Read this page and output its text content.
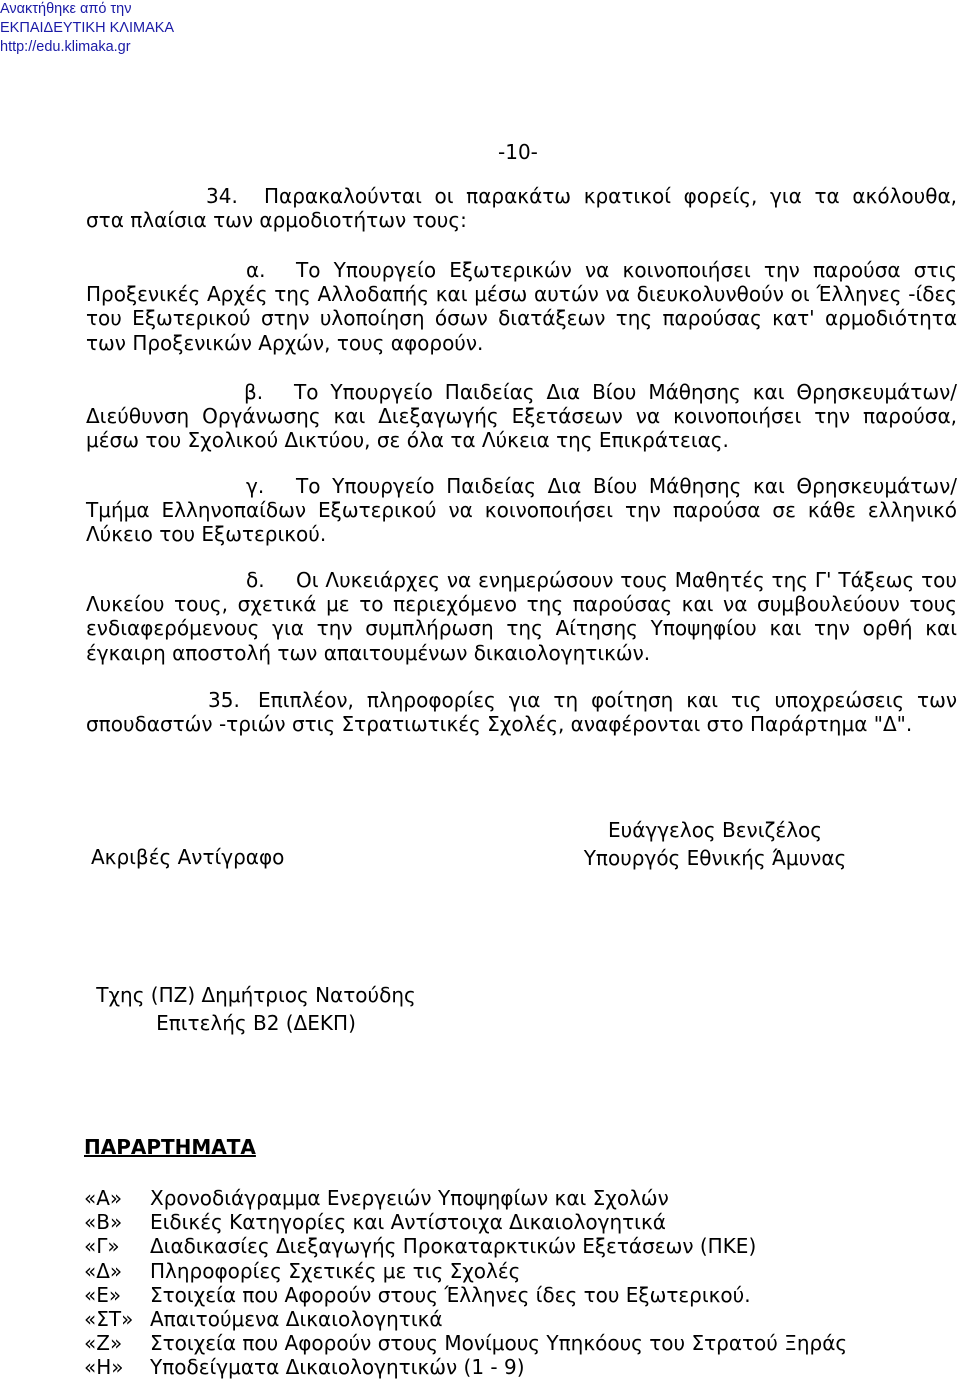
Ανακτήθηκε από την
ΕΚΠΑΙΔΕΥΤΙΚΗ ΚΛΙΜΑΚΑ
http://edu.klimaka.gr
-10-
34. Παρακαλούνται οι παρακάτω κρατικοί φορείς, για τα ακόλουθα, στα πλαίσια των αρμοδιοτήτων τους:
α. Το Υπουργείο Εξωτερικών να κοινοποιήσει την παρούσα στις Προξενικές Αρχές της Αλλοδαπής και μέσω αυτών να διευκολυνθούν οι Έλληνες -ίδες του Εξωτερικού στην υλοποίηση όσων διατάξεων της παρούσας κατ' αρμοδιότητα των Προξενικών Αρχών, τους αφορούν.
β. Το Υπουργείο Παιδείας Δια Βίου Μάθησης και Θρησκευμάτων/ Διεύθυνση Οργάνωσης και Διεξαγωγής Εξετάσεων να κοινοποιήσει την παρούσα, μέσω του Σχολικού Δικτύου, σε όλα τα Λύκεια της Επικράτειας.
γ. Το Υπουργείο Παιδείας Δια Βίου Μάθησης και Θρησκευμάτων/ Τμήμα Ελληνοπαίδων Εξωτερικού να κοινοποιήσει την παρούσα σε κάθε ελληνικό Λύκειο του Εξωτερικού.
δ. Οι Λυκειάρχες να ενημερώσουν τους Μαθητές της Γ' Τάξεως του Λυκείου τους, σχετικά με το περιεχόμενο της παρούσας και να συμβουλεύουν τους ενδιαφερόμενους για την συμπλήρωση της Αίτησης Υποψηφίου και την ορθή και έγκαιρη αποστολή των απαιτουμένων δικαιολογητικών.
35. Επιπλέον, πληροφορίες για τη φοίτηση και τις υποχρεώσεις των σπουδαστών -τριών στις Στρατιωτικές Σχολές, αναφέρονται στο Παράρτημα "Δ".
Ακριβές Αντίγραφο
Ευάγγελος Βενιζέλος
Υπουργός Εθνικής Άμυνας
Τχης (ΠΖ) Δημήτριος Νατούδης
Επιτελής Β2 (ΔΕΚΠ)
ΠΑΡΑΡΤΗΜΑΤΑ
«Α»	Χρονοδιάγραμμα Ενεργειών Υποψηφίων και Σχολών
«Β»	Ειδικές Κατηγορίες και Αντίστοιχα Δικαιολογητικά
«Γ»	Διαδικασίες Διεξαγωγής Προκαταρκτικών Εξετάσεων (ΠΚΕ)
«Δ»	Πληροφορίες Σχετικές με τις Σχολές
«Ε»	Στοιχεία που Αφορούν στους Έλληνες ίδες του Εξωτερικού.
«ΣΤ» Απαιτούμενα Δικαιολογητικά
«Ζ»	Στοιχεία που Αφορούν στους Μονίμους Υπηκόους του Στρατού Ξηράς
«Η»	Υποδείγματα Δικαιολογητικών (1 - 9)
